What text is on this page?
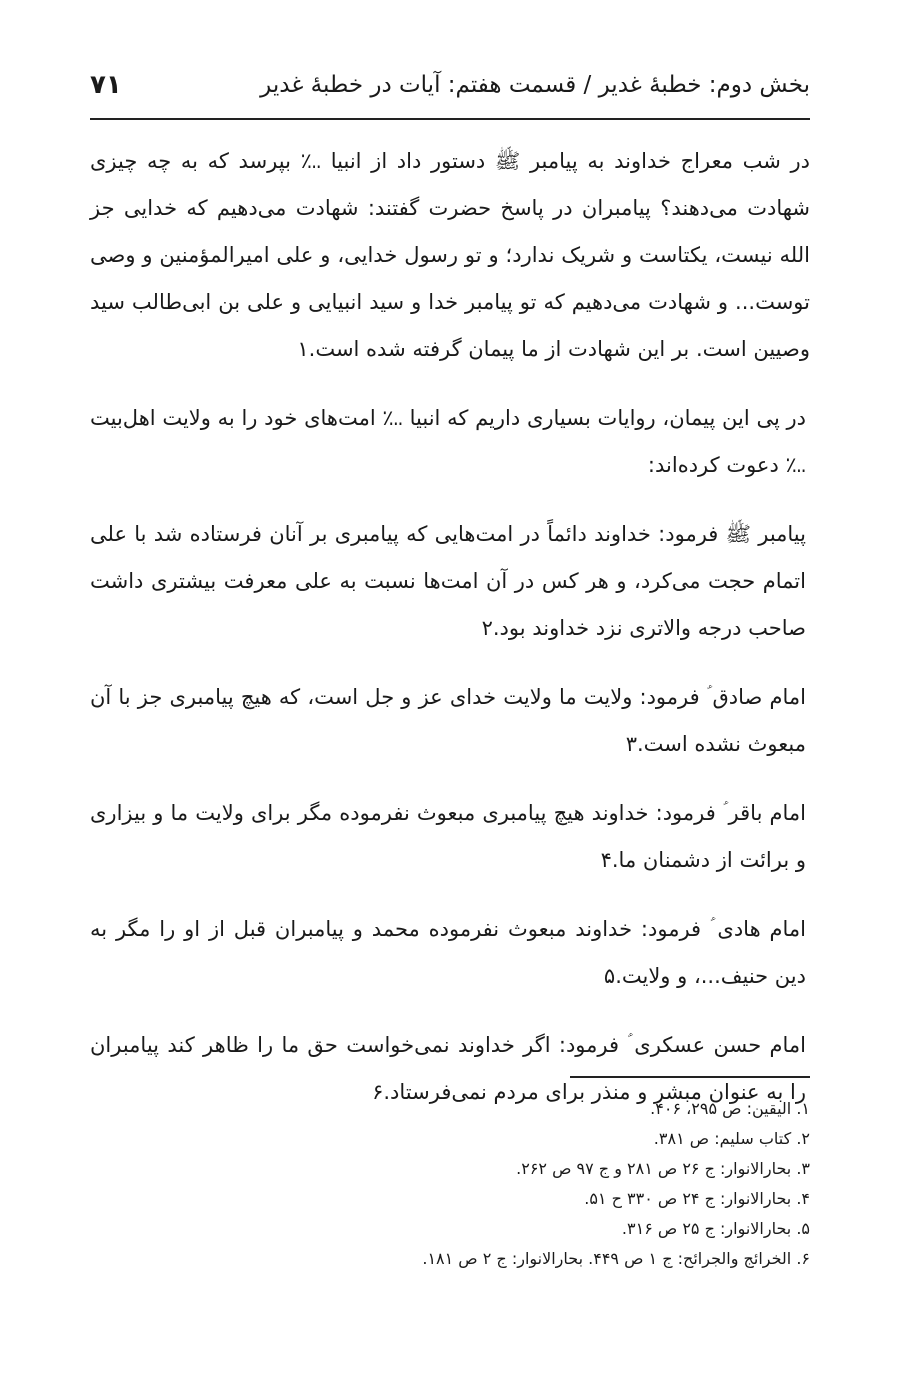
بخش دوم: خطبۀ غدیر / قسمت هفتم: آیات در خطبۀ غدیر
۷۱

در شب معراج خداوند به پیامبر ﷺ دستور داد از انبیا ؊ بپرسد که به چه چیزی شهادت می‌دهند؟ پیامبران در پاسخ حضرت گفتند: شهادت می‌دهیم که خدایی جز الله نیست، یکتاست و شریک ندارد؛ و تو رسول خدایی، و علی امیرالمؤمنین و وصی توست... و شهادت می‌دهیم که تو پیامبر خدا و سید انبیایی و علی بن ابی‌طالب سید وصیین است. بر این شهادت از ما پیمان گرفته شده است.١

در پی این پیمان، روایات بسیاری داریم که انبیا ؊ امت‌های خود را به ولایت اهل‌بیت ؊ دعوت کرده‌اند:

پیامبر ﷺ فرمود: خداوند دائماً در امت‌هایی که پیامبری بر آنان فرستاده شد با علی اتمام حجت می‌کرد، و هر کس در آن امت‌ها نسبت به علی معرفت بیشتری داشت صاحب درجه والاتری نزد خداوند بود.٢

امام صادق ؑ فرمود: ولایت ما ولایت خدای عز و جل است، که هیچ پیامبری جز با آن مبعوث نشده است.٣

امام باقر ؑ فرمود: خداوند هیچ پیامبری مبعوث نفرموده مگر برای ولایت ما و بیزاری و برائت از دشمنان ما.۴

امام هادی ؑ فرمود: خداوند مبعوث نفرموده محمد و پیامبران قبل از او را مگر به دین حنیف...، و ولایت.۵

امام حسن عسکری ؑ فرمود: اگر خداوند نمی‌خواست حق ما را ظاهر کند پیامبران را به عنوان مبشر و منذر برای مردم نمی‌فرستاد.۶

١. الیقین: ص ٢٩۵، ۴٠۶.
٢. کتاب سلیم: ص ٣٨١.
٣. بحارالانوار: ج ٢۶ ص ٢٨١ و ج ٩٧ ص ٢۶٢.
۴. بحارالانوار: ج ٢۴ ص ٣٣٠ ح ۵١.
۵. بحارالانوار: ج ٢۵ ص ٣١۶.
۶. الخرائج والجرائح: ج ١ ص ۴۴٩. بحارالانوار: ج ٢ ص ١٨١.
